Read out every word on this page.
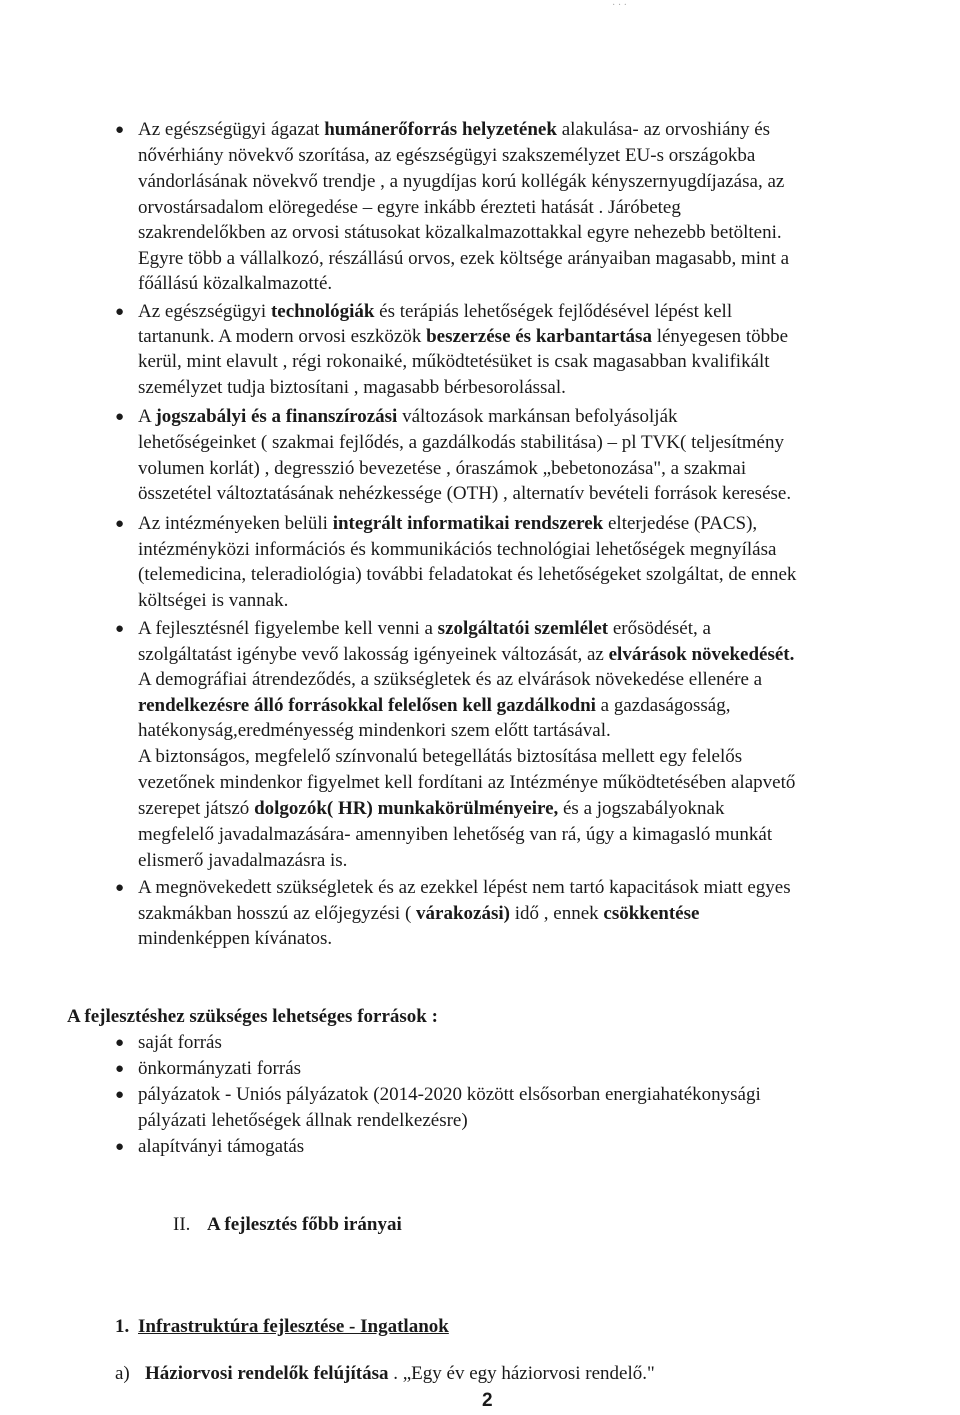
· · ·
● Az egészségügyi ágazat humánerőforrás helyzetének alakulása- az orvoshiány és
nővérhiány növekvő szorítása, az egészségügyi szakszemélyzet EU-s országokba
vándorlásának növekvő trendje , a nyugdíjas korú kollégák kényszernyugdíjazása, az
orvostársadalom elöregedése – egyre inkább érezteti hatását . Járóbeteg
szakrendelőkben az orvosi státusokat közalkalmazottakkal egyre nehezebb betölteni.
Egyre több a vállalkozó, részállású orvos, ezek költsége arányaiban magasabb, mint a
főállású közalkalmazotté.
● Az egészségügyi technológiák és terápiás lehetőségek fejlődésével lépést kell
tartanunk. A modern orvosi eszközök beszerzése és karbantartása lényegesen többe
kerül, mint elavult , régi rokonaiké, működtetésüket is csak magasabban kvalifikált
személyzet tudja biztosítani , magasabb bérbesorolással.
● A jogszabályi és a finanszírozási változások markánsan befolyásolják
lehetőségeinket ( szakmai fejlődés, a gazdálkodás stabilitása) – pl TVK( teljesítmény
volumen korlát) , degresszió bevezetése , óraszámok „bebetonozása", a szakmai
összetétel változtatásának nehézkessége (OTH) , alternatív bevételi források keresése.
● Az intézményeken belüli integrált informatikai rendszerek elterjedése (PACS),
intézményközi információs és kommunikációs technológiai lehetőségek megnyílása
(telemedicina, teleradiológia) további feladatokat és lehetőségeket szolgáltat, de ennek
költségei is vannak.
● A fejlesztésnél figyelembe kell venni a szolgáltatói szemlélet erősödését, a
szolgáltatást igénybe vevő lakosság igényeinek változását, az elvárások növekedését.
A demográfiai átrendeződés, a szükségletek és az elvárások növekedése ellenére a
rendelkezésre álló forrásokkal felelősen kell gazdálkodni a gazdaságosság,
hatékonyság,eredményesség mindenkori szem előtt tartásával.
A biztonságos, megfelelő színvonalú betegellátás biztosítása mellett egy felelős
vezetőnek mindenkor figyelmet kell fordítani az Intézménye működtetésében alapvető
szerepet játszó dolgozók( HR) munkakörülményeire, és a jogszabályoknak
megfelelő javadalmazására- amennyiben lehetőség van rá, úgy a kimagasló munkát
elismerő javadalmazásra is.
● A megnövekedett szükségletek és az ezekkel lépést nem tartó kapacitások miatt egyes
szakmákban hosszú az előjegyzési ( várakozási) idő , ennek csökkentése
mindenképpen kívánatos.
A fejlesztéshez szükséges lehetséges források :
● saját forrás
● önkormányzati forrás
● pályázatok - Uniós pályázatok (2014-2020 között elsősorban energiahatékonysági
pályázati lehetőségek állnak rendelkezésre)
● alapítványi támogatás
II. A fejlesztés főbb irányai
1. Infrastruktúra fejlesztése - Ingatlanok
a) Háziorvosi rendelők felújítása . „Egy év egy háziorvosi rendelő."
2
